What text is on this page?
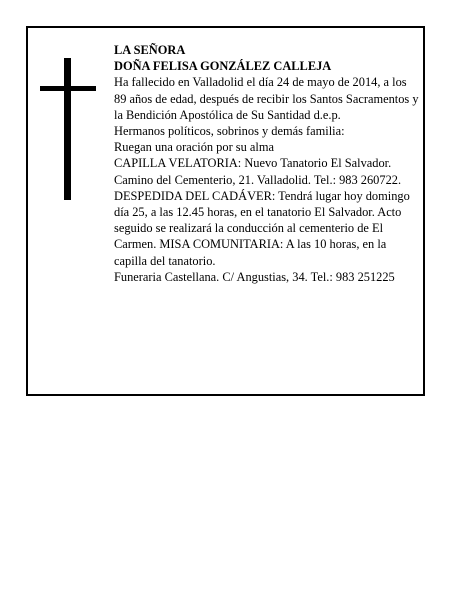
LA SEÑORA

DOÑA FELISA GONZÁLEZ CALLEJA

Ha fallecido en Valladolid el día 24 de mayo de 2014, a los 89 años de edad, después de recibir los Santos Sacramentos y la Bendición Apostólica de Su Santidad d.e.p.

Hermanos políticos, sobrinos y demás familia:

Ruegan una oración por su alma

CAPILLA VELATORIA: Nuevo Tanatorio El Salvador. Camino del Cementerio, 21. Valladolid. Tel.: 983 260722. DESPEDIDA DEL CADÁVER: Tendrá lugar hoy domingo día 25, a las 12.45 horas, en el tanatorio El Salvador. Acto seguido se realizará la conducción al cementerio de El Carmen. MISA COMUNITARIA: A las 10 horas, en la capilla del tanatorio.

Funeraria Castellana. C/ Angustias, 34. Tel.: 983 251225
